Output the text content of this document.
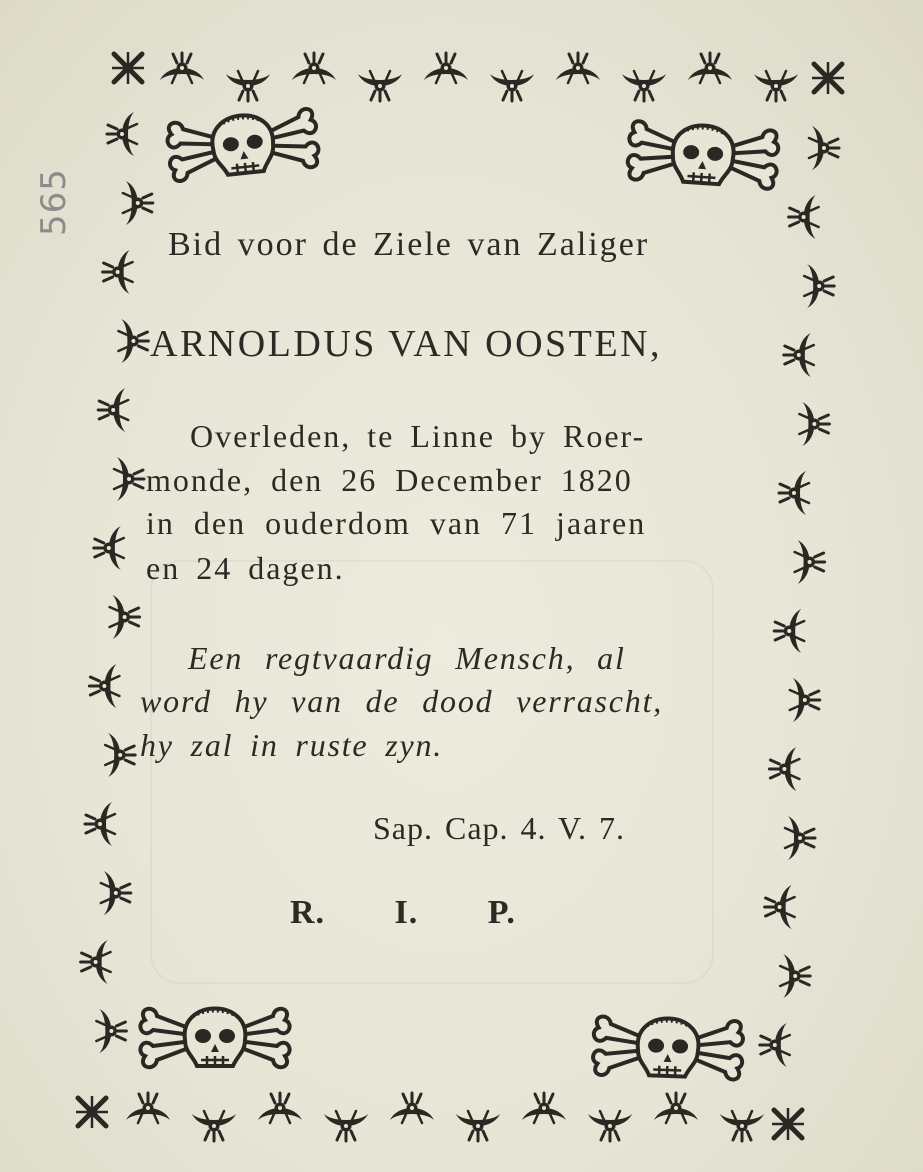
565

Bid voor de Ziele van Zaliger

ARNOLDUS VAN OOSTEN,

Overleden, te Linne by Roer-

monde, den 26 December 1820

in den ouderdom van 71 jaaren

en 24 dagen.

Een regtvaardig Mensch, al

word hy van de dood verrascht,

hy zal in ruste zyn.

Sap. Cap. 4. V. 7.

R. I. P.
